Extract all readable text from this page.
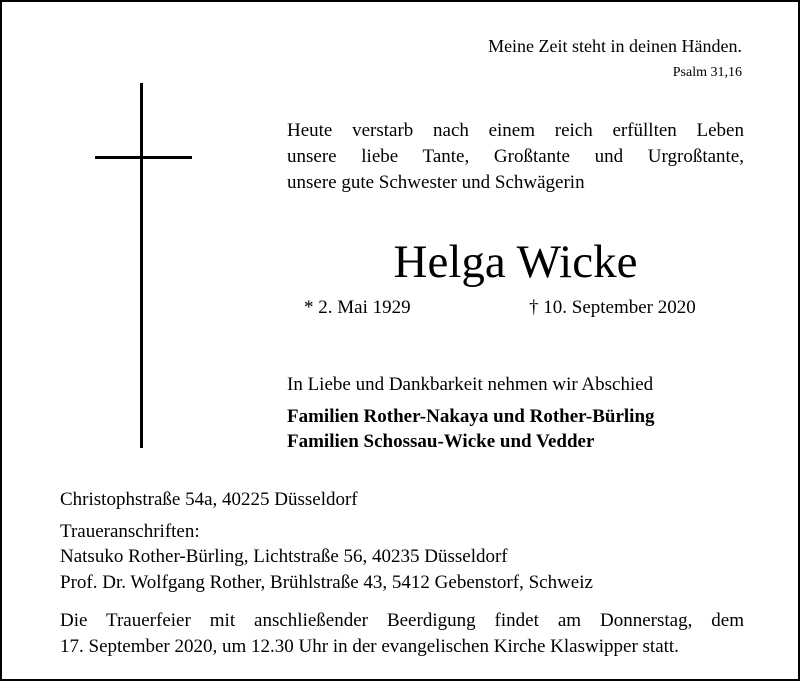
Meine Zeit steht in deinen Händen.
Psalm 31,16
Heute verstarb nach einem reich erfüllten Leben
unsere liebe Tante, Großtante und Urgroßtante,
unsere gute Schwester und Schwägerin
Helga Wicke
* 2. Mai 1929	† 10. September 2020
In Liebe und Dankbarkeit nehmen wir Abschied
Familien Rother-Nakaya und Rother-Bürling
Familien Schossau-Wicke und Vedder
Christophstraße 54a, 40225 Düsseldorf
Traueranschriften:
Natsuko Rother-Bürling, Lichtstraße 56, 40235 Düsseldorf
Prof. Dr. Wolfgang Rother, Brühlstraße 43, 5412 Gebenstorf, Schweiz
Die Trauerfeier mit anschließender Beerdigung findet am Donnerstag, dem
17. September 2020, um 12.30 Uhr in der evangelischen Kirche Klaswipper statt.
